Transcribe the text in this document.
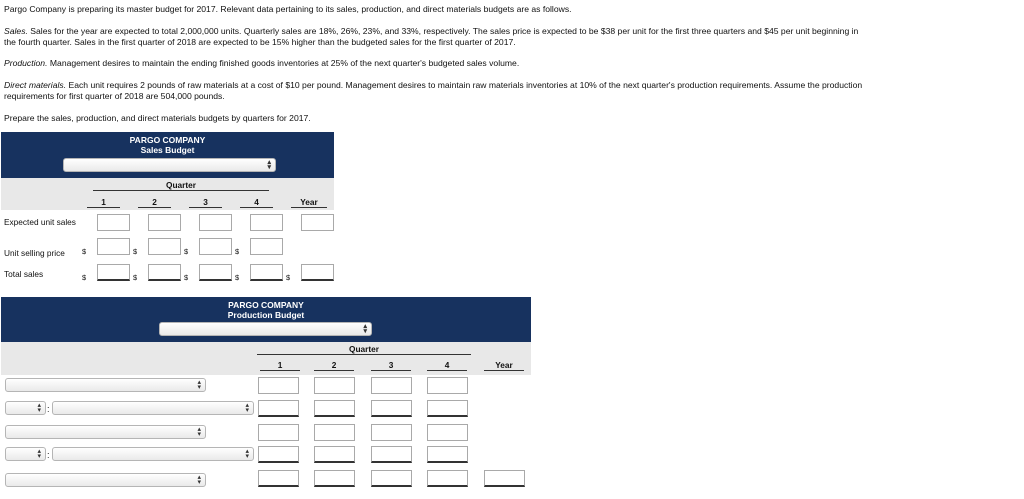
Pargo Company is preparing its master budget for 2017. Relevant data pertaining to its sales, production, and direct materials budgets are as follows.

Sales. Sales for the year are expected to total 2,000,000 units. Quarterly sales are 18%, 26%, 23%, and 33%, respectively. The sales price is expected to be $38 per unit for the first three quarters and $45 per unit beginning in

the fourth quarter. Sales in the first quarter of 2018 are expected to be 15% higher than the budgeted sales for the first quarter of 2017.

Production. Management desires to maintain the ending finished goods inventories at 25% of the next quarter's budgeted sales volume.

Direct materials. Each unit requires 2 pounds of raw materials at a cost of $10 per pound. Management desires to maintain raw materials inventories at 10% of the next quarter's production requirements. Assume the production

requirements for first quarter of 2018 are 504,000 pounds.

Prepare the sales, production, and direct materials budgets by quarters for 2017.

PARGO COMPANY
Sales Budget
▴
▾
Quarter
1	2	3	4	Year
Expected unit sales
Unit selling price $	$	$	$
Total sales	$	$	$	$	$
PARGO COMPANY
Production Budget
▴
▾
Quarter
1	2	3	4	Year
▴
▾
▴
▾ :	▴
▾
▴
▾
▴
▾ :	▴
▾
▴
▾
